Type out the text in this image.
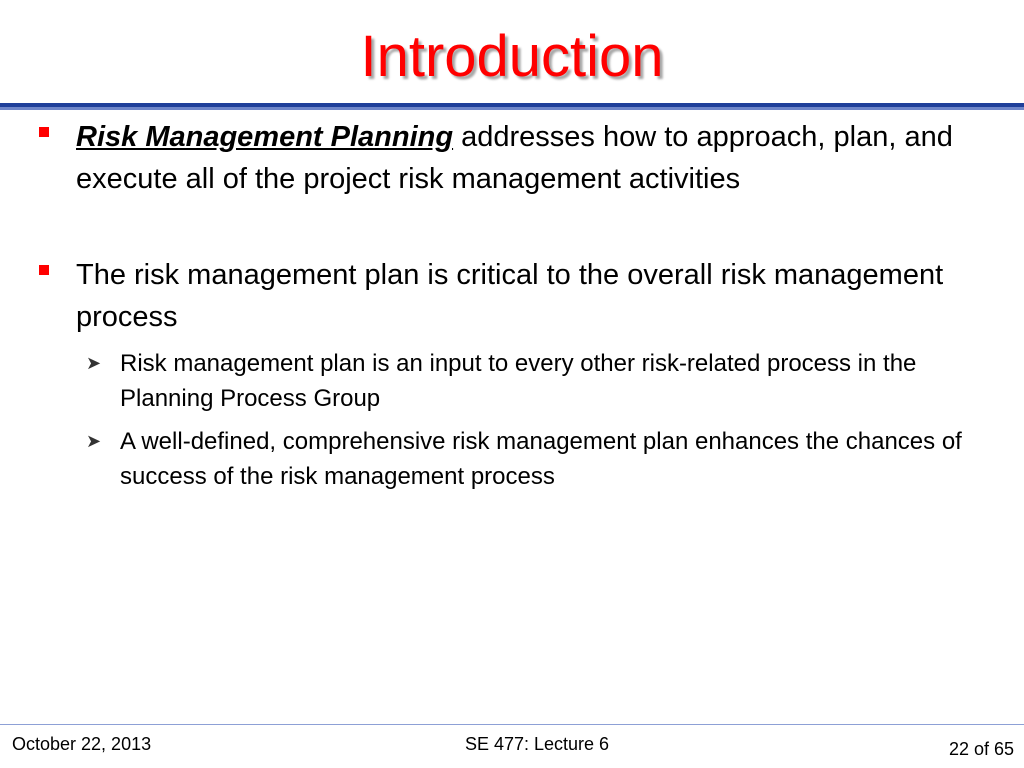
Introduction
Risk Management Planning addresses how to approach, plan, and execute all of the project risk management activities
The risk management plan is critical to the overall risk management process
➤ Risk management plan is an input to every other risk-related process in the Planning Process Group
➤ A well-defined, comprehensive risk management plan enhances the chances of success of the risk management process
October 22, 2013	SE 477: Lecture 6	22 of 65
